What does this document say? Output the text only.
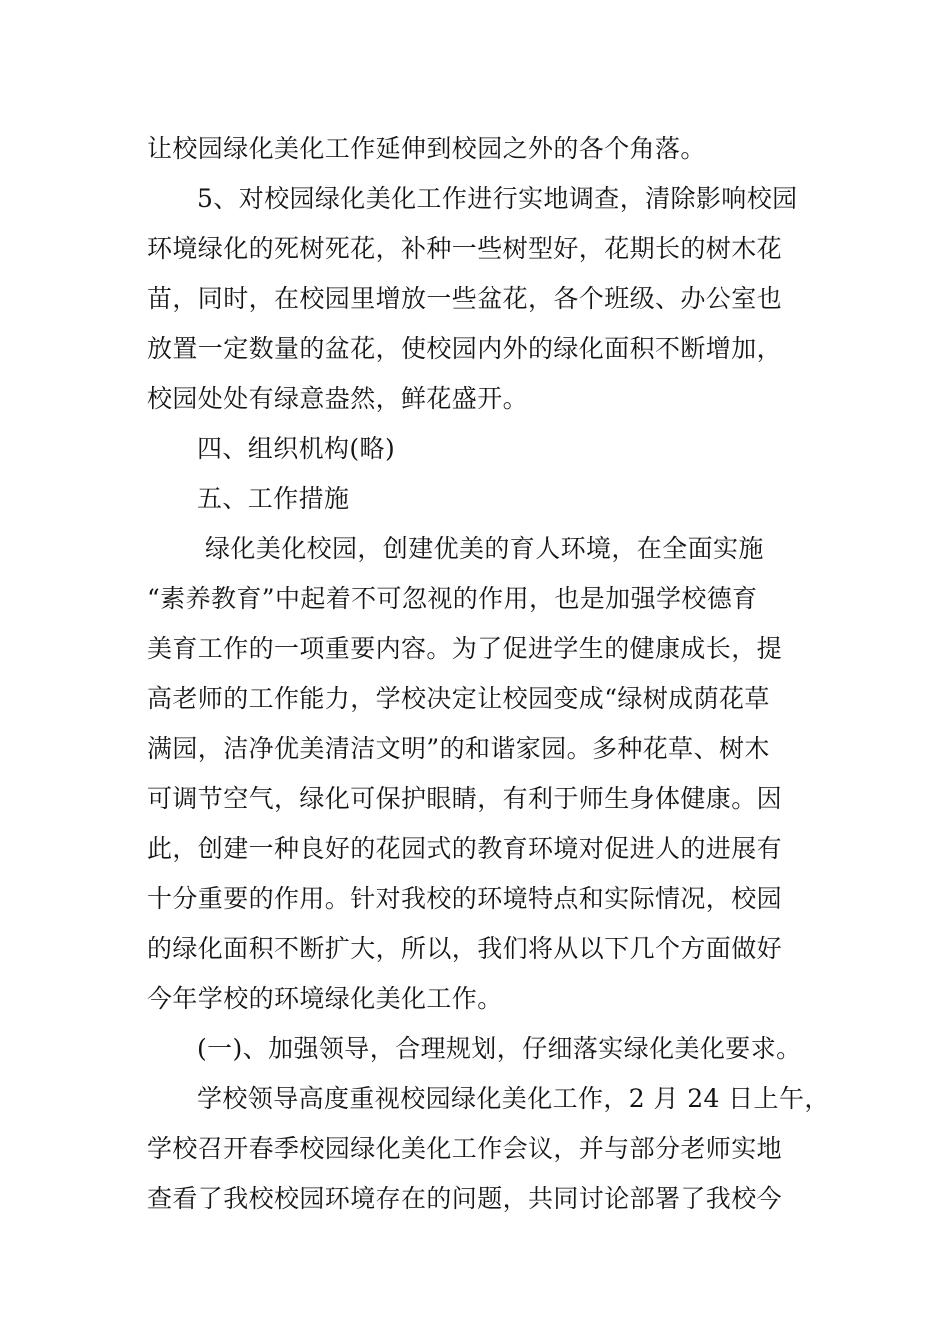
让校园绿化美化工作延伸到校园之外的各个角落。
5、对校园绿化美化工作进行实地调查，清除影响校园
环境绿化的死树死花，补种一些树型好，花期长的树木花
苗，同时，在校园里增放一些盆花，各个班级、办公室也
放置一定数量的盆花，使校园内外的绿化面积不断增加，
校园处处有绿意盎然，鲜花盛开。
四、组织机构(略)
五、工作措施
绿化美化校园，创建优美的育人环境，在全面实施
“素养教育”中起着不可忽视的作用，也是加强学校德育
美育工作的一项重要内容。为了促进学生的健康成长，提
高老师的工作能力，学校决定让校园变成“绿树成荫花草
满园，洁净优美清洁文明”的和谐家园。多种花草、树木
可调节空气，绿化可保护眼睛，有利于师生身体健康。因
此，创建一种良好的花园式的教育环境对促进人的进展有
十分重要的作用。针对我校的环境特点和实际情况，校园
的绿化面积不断扩大，所以，我们将从以下几个方面做好
今年学校的环境绿化美化工作。
(一)、加强领导，合理规划，仔细落实绿化美化要求。
学校领导高度重视校园绿化美化工作，2 月 24 日上午，
学校召开春季校园绿化美化工作会议，并与部分老师实地
查看了我校校园环境存在的问题，共同讨论部署了我校今
